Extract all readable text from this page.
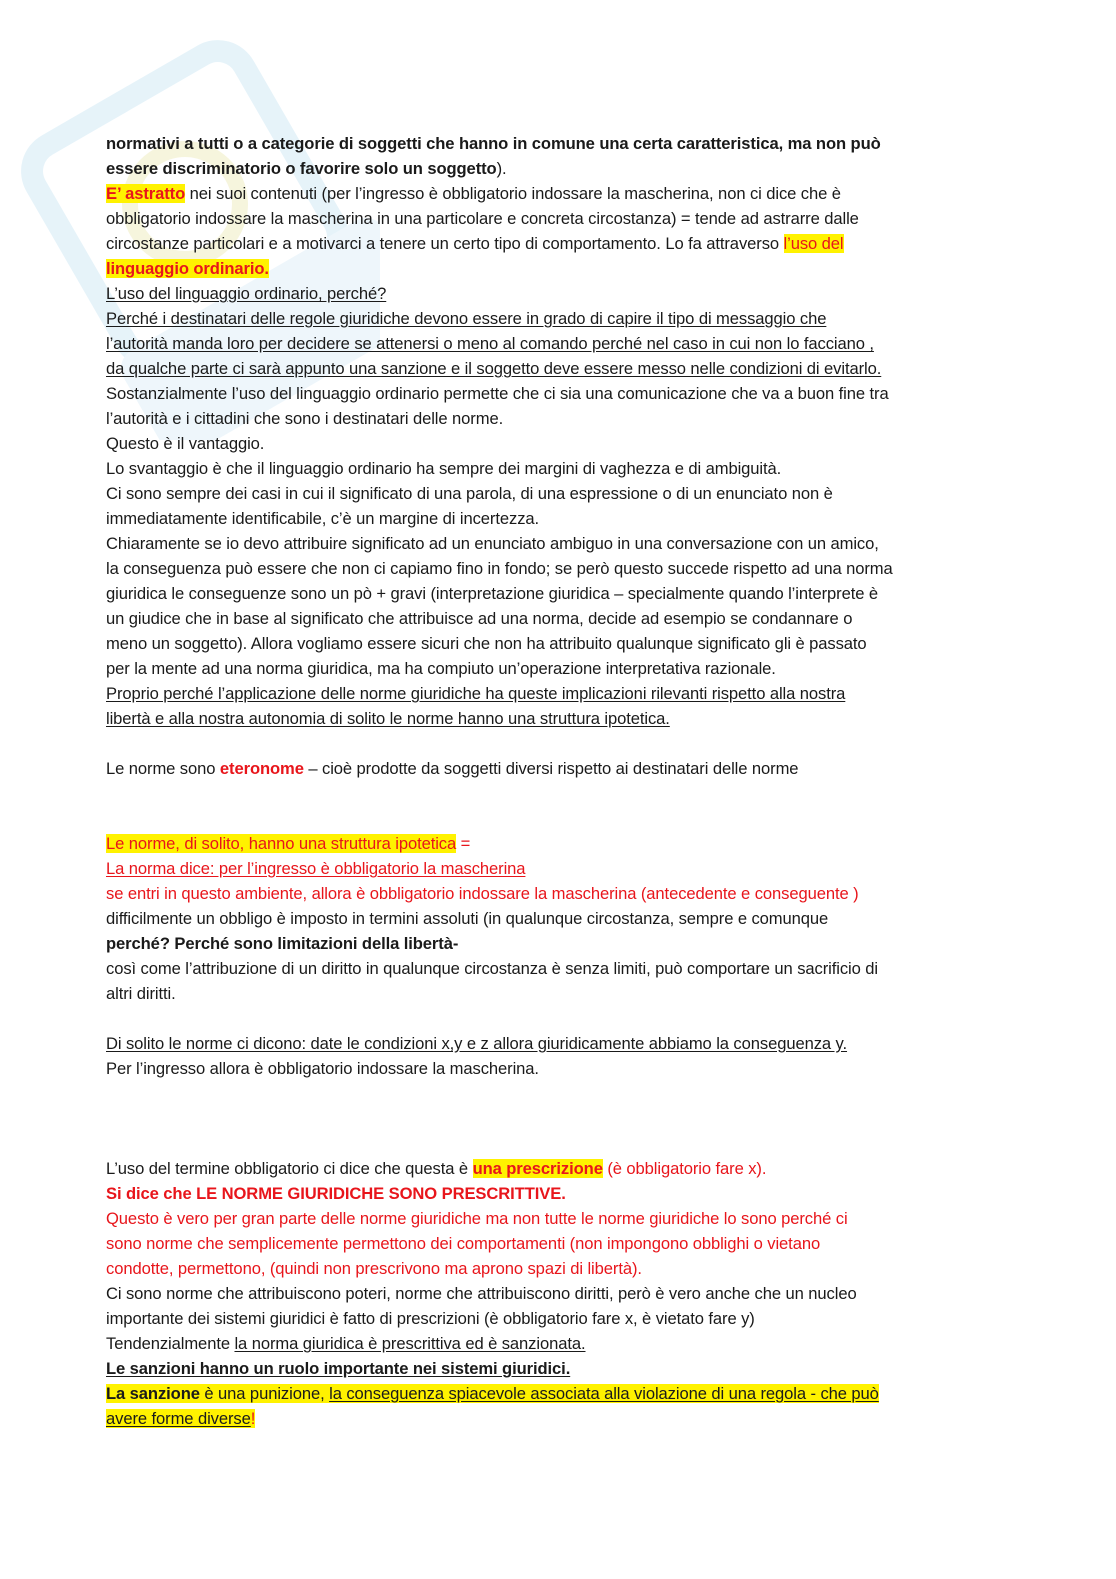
normativi a tutti o a categorie di soggetti che hanno in comune una certa caratteristica, ma non può
essere discriminatorio o favorire solo un soggetto).
E’ astratto nei suoi contenuti (per l’ingresso è obbligatorio indossare la mascherina, non ci dice che è
obbligatorio indossare la mascherina in una particolare e concreta circostanza) = tende ad astrarre dalle
circostanze particolari e a motivarci a tenere un certo tipo di comportamento. Lo fa attraverso l’uso del
linguaggio ordinario.
L’uso del linguaggio ordinario, perché?
Perché i destinatari delle regole giuridiche devono essere in grado di capire il tipo di messaggio che
l’autorità manda loro per decidere se attenersi o meno al comando perché nel caso in cui non lo facciano ,
da qualche parte ci sarà appunto una sanzione e il soggetto deve essere messo nelle condizioni di evitarlo.
Sostanzialmente l’uso del linguaggio ordinario permette che ci sia una comunicazione che va a buon fine tra
l’autorità e i cittadini che sono i destinatari delle norme.
Questo è il vantaggio.
Lo svantaggio è che il linguaggio ordinario ha sempre dei margini di vaghezza e di ambiguità.
Ci sono sempre dei casi in cui il significato di una parola, di una espressione o di un enunciato non è
immediatamente identificabile, c’è un margine di incertezza.
Chiaramente se io devo attribuire significato ad un enunciato ambiguo in una conversazione con un amico,
la conseguenza può essere che non ci capiamo fino in fondo; se però questo succede rispetto ad una norma
giuridica le conseguenze sono un pò + gravi (interpretazione giuridica – specialmente quando l’interprete è
un giudice che in base al significato che attribuisce ad una norma, decide ad esempio se condannare o
meno un soggetto). Allora vogliamo essere sicuri che non ha attribuito qualunque significato gli è passato
per la mente ad una norma giuridica, ma ha compiuto un’operazione interpretativa razionale.
Proprio perché l’applicazione delle norme giuridiche ha queste implicazioni rilevanti rispetto alla nostra
libertà e alla nostra autonomia di solito le norme hanno una struttura ipotetica.
Le norme sono eteronome – cioè prodotte da soggetti diversi rispetto ai destinatari delle norme
Le norme, di solito, hanno una struttura ipotetica =
La norma dice: per l’ingresso è obbligatorio la mascherina
se entri in questo ambiente, allora è obbligatorio indossare la mascherina (antecedente e conseguente )
difficilmente un obbligo è imposto in termini assoluti (in qualunque circostanza, sempre e comunque
perché? Perché sono limitazioni della libertà-
così come l’attribuzione di un diritto in qualunque circostanza è senza limiti, può comportare un sacrificio di
altri diritti.
Di solito le norme ci dicono: date le condizioni x,y e z allora giuridicamente abbiamo la conseguenza y.
Per l’ingresso allora è obbligatorio indossare la mascherina.
L’uso del termine obbligatorio ci dice che questa è una prescrizione (è obbligatorio fare x).
Si dice che LE NORME GIURIDICHE SONO PRESCRITTIVE.
Questo è vero per gran parte delle norme giuridiche ma non tutte le norme giuridiche lo sono perché ci
sono norme che semplicemente permettono dei comportamenti (non impongono obblighi o vietano
condotte, permettono, (quindi non prescrivono ma aprono spazi di libertà).
Ci sono norme che attribuiscono poteri, norme che attribuiscono diritti, però è vero anche che un nucleo
importante dei sistemi giuridici è fatto di prescrizioni (è obbligatorio fare x, è vietato fare y)
Tendenzialmente la norma giuridica è prescrittiva ed è sanzionata.
Le sanzioni hanno un ruolo importante nei sistemi giuridici.
La sanzione è una punizione, la conseguenza spiacevole associata alla violazione di una regola - che può
avere forme diverse!
